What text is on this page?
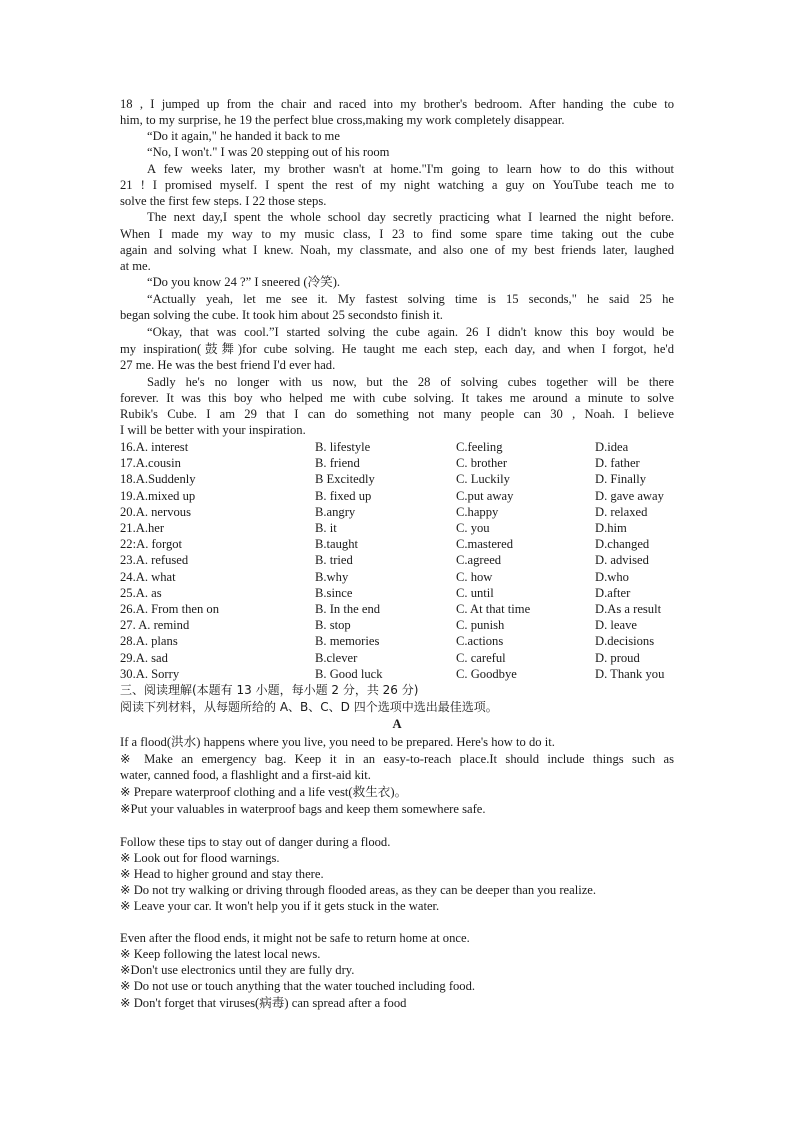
18 , I jumped up from the chair and raced into my brother's bedroom. After handing the cube to
him, to my surprise, he 19 the perfect blue cross,making my work completely disappear.
“Do it again," he handed it back to me
“No, I won't." I was 20 stepping out of his room
A few weeks later, my brother wasn't at home."I'm going to learn how to do this without
21 ! I promised myself. I spent the rest of my night watching a guy on YouTube teach me to
solve the first few steps. I 22 those steps.
The next day,I spent the whole school day secretly practicing what I learned the night before.
When I made my way to my music class, I 23 to find some spare time taking out the cube
again and solving what I knew. Noah, my classmate, and also one of my best friends later, laughed
at me.
“Do you know 24 ?” I sneered (冷笑).
“Actually yeah, let me see it. My fastest solving time is 15 seconds," he said 25 he
began solving the cube. It took him about 25 secondsto finish it.
“Okay, that was cool.”I started solving the cube again. 26 I didn't know this boy would be
my inspiration(鼓舞)for cube solving. He taught me each step, each day, and when I forgot, he'd
27 me. He was the best friend I'd ever had.
Sadly he's no longer with us now, but the 28 of solving cubes together will be there
forever. It was this boy who helped me with cube solving. It takes me around a minute to solve
Rubik's Cube. I am 29 that I can do something not many people can 30 , Noah. I believe
I will be better with your inspiration.
16.A. interest	B. lifestyle	C.feeling	D.idea
17.A.cousin	B. friend	C. brother	D. father
18.A.Suddenly	B Excitedly	C. Luckily	D. Finally
19.A.mixed up	B. fixed up	C.put away	D. gave away
20.A. nervous	B.angry	C.happy	D. relaxed
21.A.her	B. it	C. you	D.him
22:A. forgot	B.taught	C.mastered	D.changed
23.A. refused	B. tried	C.agreed	D. advised
24.A. what	B.why	C. how	D.who
25.A. as	B.since	C. until	D.after
26.A. From then on	B. In the end	C. At that time	D.As a result
27. A. remind	B. stop	C. punish	D. leave
28.A. plans	B. memories	C.actions	D.decisions
29.A. sad	B.clever	C. careful	D. proud
30.A. Sorry	B. Good luck	C. Goodbye	D. Thank you
三、阅读理解(本题有 13 小题，每小题 2 分，共 26 分)
阅读下列材料，从每题所给的 A、B、C、D 四个选项中选出最佳选项。
A
If a flood(洪水) happens where you live, you need to be prepared. Here's how to do it.
※ Make an emergency bag. Keep it in an easy-to-reach place.It should include things such as
water, canned food, a flashlight and a first-aid kit.
※ Prepare waterproof clothing and a life vest(救生衣)。
※Put your valuables in waterproof bags and keep them somewhere safe.
Follow these tips to stay out of danger during a flood.
※ Look out for flood warnings.
※ Head to higher ground and stay there.
※ Do not try walking or driving through flooded areas, as they can be deeper than you realize.
※ Leave your car. It won't help you if it gets stuck in the water.
Even after the flood ends, it might not be safe to return home at once.
※ Keep following the latest local news.
※Don't use electronics until they are fully dry.
※ Do not use or touch anything that the water touched including food.
※ Don't forget that viruses(病毒) can spread after a food
